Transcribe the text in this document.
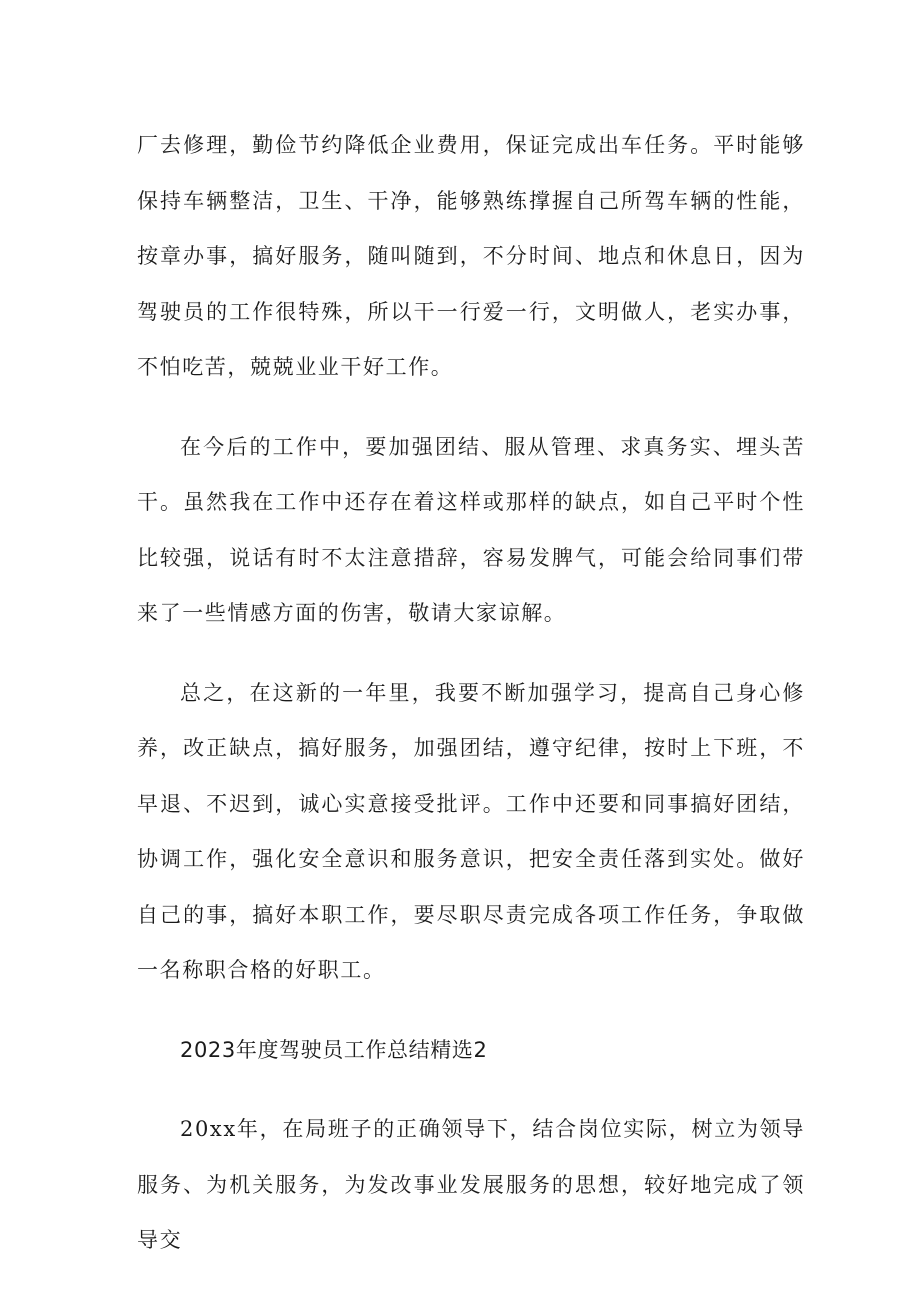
厂去修理，勤俭节约降低企业费用，保证完成出车任务。平时能够保持车辆整洁，卫生、干净，能够熟练撑握自己所驾车辆的性能，按章办事，搞好服务，随叫随到，不分时间、地点和休息日，因为驾驶员的工作很特殊，所以干一行爱一行，文明做人，老实办事，不怕吃苦，兢兢业业干好工作。

在今后的工作中，要加强团结、服从管理、求真务实、埋头苦干。虽然我在工作中还存在着这样或那样的缺点，如自己平时个性比较强，说话有时不太注意措辞，容易发脾气，可能会给同事们带来了一些情感方面的伤害，敬请大家谅解。

总之，在这新的一年里，我要不断加强学习，提高自己身心修养，改正缺点，搞好服务，加强团结，遵守纪律，按时上下班，不早退、不迟到，诚心实意接受批评。工作中还要和同事搞好团结，协调工作，强化安全意识和服务意识，把安全责任落到实处。做好自己的事，搞好本职工作，要尽职尽责完成各项工作任务，争取做一名称职合格的好职工。

2023年度驾驶员工作总结精选2

20xx年，在局班子的正确领导下，结合岗位实际，树立为领导服务、为机关服务，为发改事业发展服务的思想，较好地完成了领导交
